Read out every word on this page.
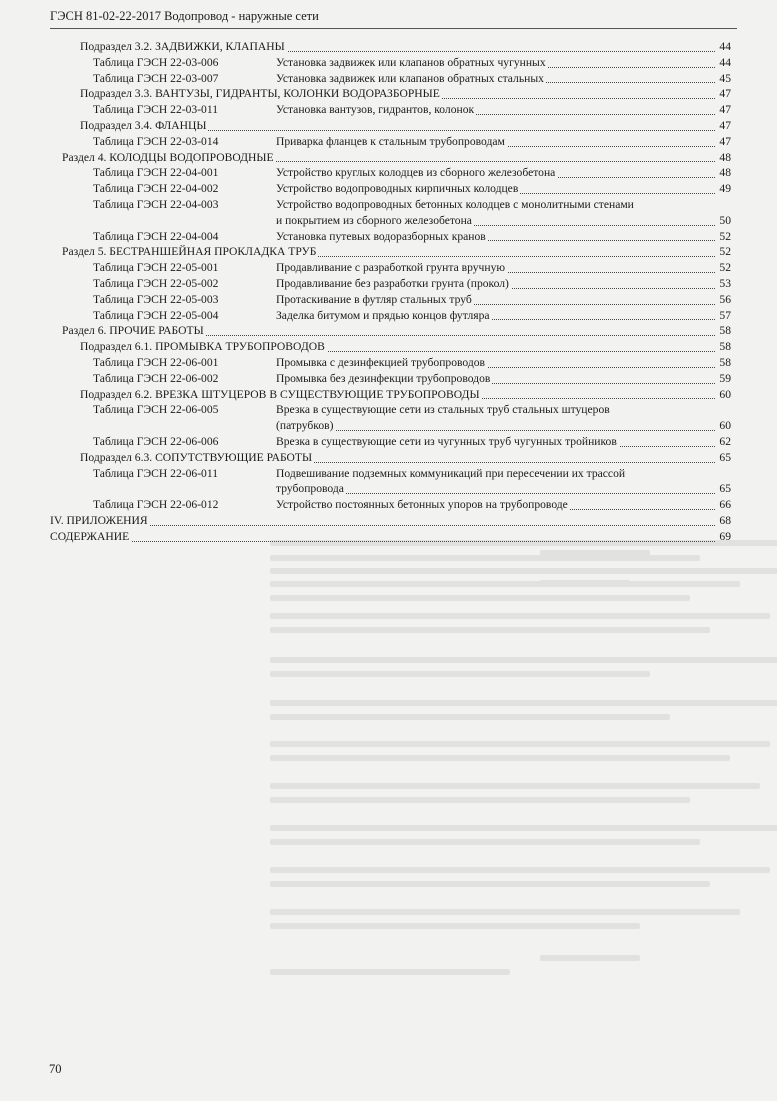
ГЭСН 81-02-22-2017 Водопровод - наружные сети
Подраздел 3.2. ЗАДВИЖКИ, КЛАПАНЫ	44
Таблица ГЭСН 22-03-006	Установка задвижек или клапанов обратных чугунных	44
Таблица ГЭСН 22-03-007	Установка задвижек или клапанов обратных стальных	45
Подраздел 3.3. ВАНТУЗЫ, ГИДРАНТЫ, КОЛОНКИ ВОДОРАЗБОРНЫЕ	47
Таблица ГЭСН 22-03-011	Установка вантузов, гидрантов, колонок	47
Подраздел 3.4. ФЛАНЦЫ	47
Таблица ГЭСН 22-03-014	Приварка фланцев к стальным трубопроводам	47
Раздел 4. КОЛОДЦЫ ВОДОПРОВОДНЫЕ	48
Таблица ГЭСН 22-04-001	Устройство круглых колодцев из сборного железобетона	48
Таблица ГЭСН 22-04-002	Устройство водопроводных кирпичных колодцев	49
Таблица ГЭСН 22-04-003	Устройство водопроводных бетонных колодцев с монолитными стенами
и покрытием из сборного железобетона	50
Таблица ГЭСН 22-04-004	Установка путевых водоразборных кранов	52
Раздел 5. БЕСТРАНШЕЙНАЯ ПРОКЛАДКА ТРУБ	52
Таблица ГЭСН 22-05-001	Продавливание с разработкой грунта вручную	52
Таблица ГЭСН 22-05-002	Продавливание без разработки грунта (прокол)	53
Таблица ГЭСН 22-05-003	Протаскивание в футляр стальных труб	56
Таблица ГЭСН 22-05-004	Заделка битумом и прядью концов футляра	57
Раздел 6. ПРОЧИЕ РАБОТЫ	58
Подраздел 6.1. ПРОМЫВКА ТРУБОПРОВОДОВ	58
Таблица ГЭСН 22-06-001	Промывка с дезинфекцией трубопроводов	58
Таблица ГЭСН 22-06-002	Промывка без дезинфекции трубопроводов	59
Подраздел 6.2. ВРЕЗКА ШТУЦЕРОВ В СУЩЕСТВУЮЩИЕ ТРУБОПРОВОДЫ	60
Таблица ГЭСН 22-06-005	Врезка в существующие сети из стальных труб стальных штуцеров
(патрубков)	60
Таблица ГЭСН 22-06-006	Врезка в существующие сети из чугунных труб чугунных тройников	62
Подраздел 6.3. СОПУТСТВУЮЩИЕ РАБОТЫ	65
Таблица ГЭСН 22-06-011	Подвешивание подземных коммуникаций при пересечении их трассой
трубопровода	65
Таблица ГЭСН 22-06-012	Устройство постоянных бетонных упоров на трубопроводе	66
IV. ПРИЛОЖЕНИЯ	68
СОДЕРЖАНИЕ	69
70
